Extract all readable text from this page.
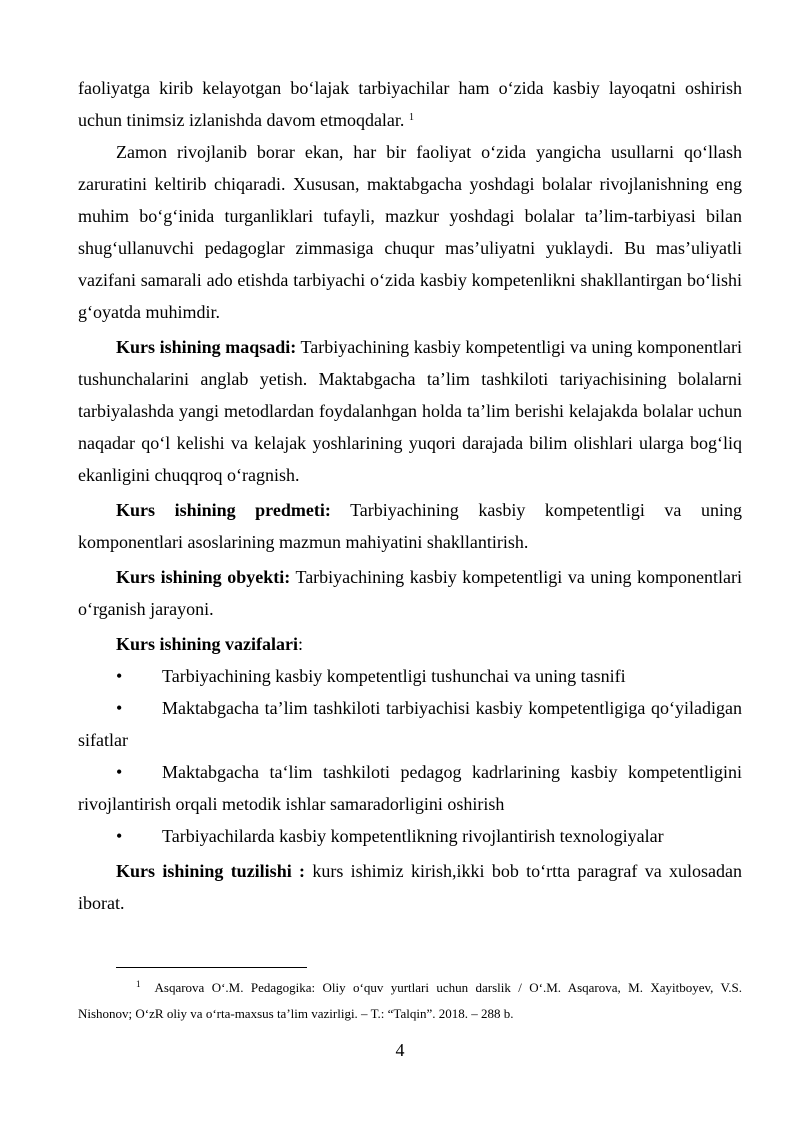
faoliyatga kirib kelayotgan bo‘lajak tarbiyachilar ham o‘zida kasbiy layoqatni oshirish uchun tinimsiz izlanishda davom etmoqdalar. $^1$

Zamon rivojlanib borar ekan, har bir faoliyat o‘zida yangicha usullarni qo‘llash zaruratini keltirib chiqaradi. Xususan, maktabgacha yoshdagi bolalar rivojlanishning eng muhim bo‘g‘inida turganliklari tufayli, mazkur yoshdagi bolalar ta’lim-tarbiyasi bilan shug‘ullanuvchi pedagoglar zimmasiga chuqur mas’uliyatni yuklaydi. Bu mas’uliyatli vazifani samarali ado etishda tarbiyachi o‘zida kasbiy kompetenlikni shakllantirgan bo‘lishi g‘oyatda muhimdir.

Kurs ishining maqsadi: Tarbiyachining kasbiy kompetentligi va uning komponentlari tushunchalarini anglab yetish. Maktabgacha ta’lim tashkiloti tariyachisining bolalarni tarbiyalashda yangi metodlardan foydalanhgan holda ta’lim berishi kelajakda bolalar uchun naqadar qo‘l kelishi va kelajak yoshlarining yuqori darajada bilim olishlari ularga bog‘liq ekanligini chuqqroq o‘ragnish.

Kurs ishining predmeti: Tarbiyachining kasbiy kompetentligi va uning komponentlari asoslarining mazmun mahiyatini shakllantirish.

Kurs ishining obyekti: Tarbiyachining kasbiy kompetentligi va uning komponentlari o‘rganish jarayoni.

Kurs ishining vazifalari:

• Tarbiyachining kasbiy kompetentligi tushunchai va uning tasnifi

• Maktabgacha ta’lim tashkiloti tarbiyachisi kasbiy kompetentligiga qo‘yiladigan sifatlar

• Maktabgacha ta‘lim tashkiloti pedagog kadrlarining kasbiy kompetentligini rivojlantirish orqali metodik ishlar samaradorligini oshirish

• Tarbiyachilarda kasbiy kompetentlikning rivojlantirish texnologiyalar

Kurs ishining tuzilishi : kurs ishimiz kirish,ikki bob to‘rtta paragraf va xulosadan iborat.

$^1$ Asqarova O‘.M. Pedagogika: Oliy o‘quv yurtlari uchun darslik / O‘.M. Asqarova, M. Xayitboyev, V.S. Nishonov; O‘zR oliy va o‘rta-maxsus ta’lim vazirligi. – T.: “Talqin”. 2018. – 288 b.
4
